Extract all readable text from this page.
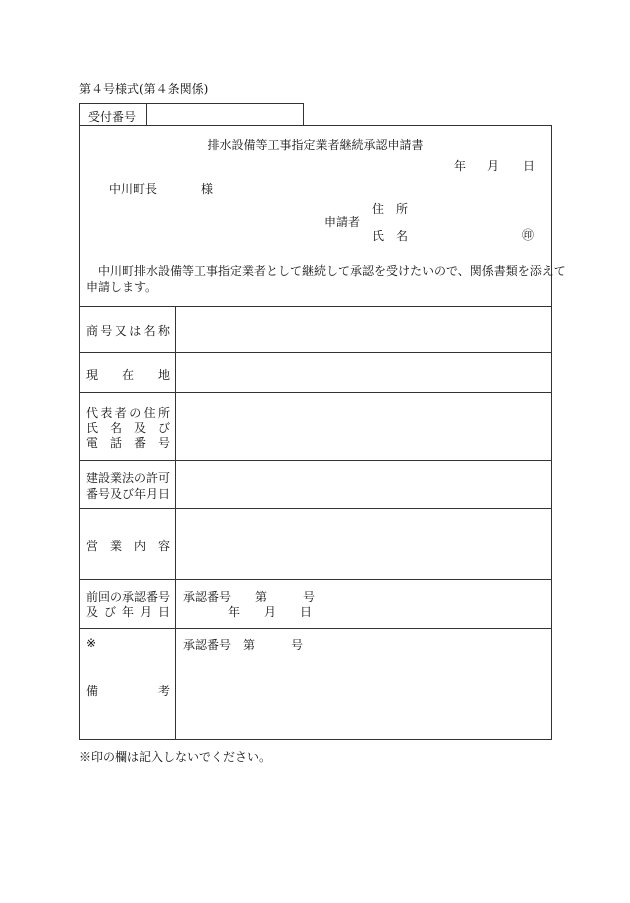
第４号様式(第４条関係)
受付番号
排水設備等工事指定業者継続承認申請書
年 月 日
中川町長	様
住　所
申請者
氏　名	㊞
　中川町排水設備等工事指定業者として継続して承認を受けたいので、関係書類を添えて
申請します。
商号又は名称
現　　在　　地
代表者の住所
氏　名　及　び
電　話　番　号
建設業法の許可
番号及び年月日
営　業　内　容
前回の承認番号
及び年月日
承認番号　　第　　　号
年　　月　　日
※
備　　　　　考
承認番号　第　　　号
※印の欄は記入しないでください。
